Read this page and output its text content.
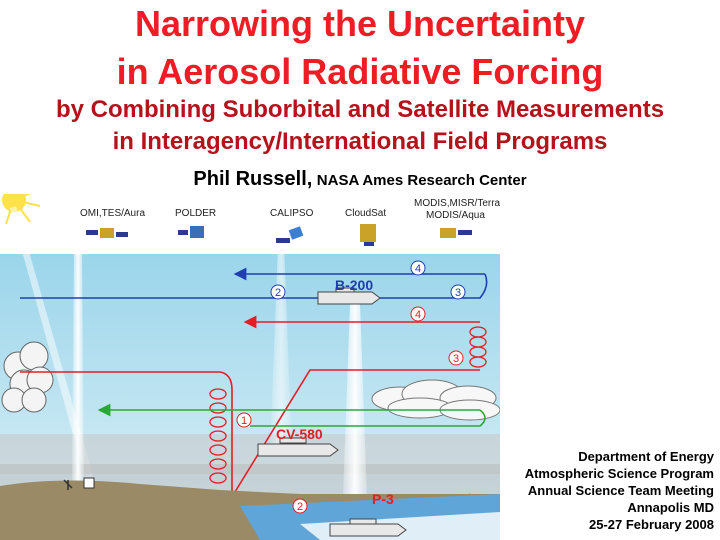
Narrowing the Uncertainty
in Aerosol Radiative Forcing
by Combining Suborbital and Satellite Measurements
in Interagency/International Field Programs
Phil Russell, NASA Ames Research Center
OMI,TES/Aura	POLDER	CALIPSO	CloudSat
MODIS,MISR/Terra
MODIS/Aqua
B-200
CV-580
P-3
4
2	3
4
3
1
2
Department of Energy
Atmospheric Science Program
Annual Science Team Meeting
Annapolis MD
25-27 February 2008
